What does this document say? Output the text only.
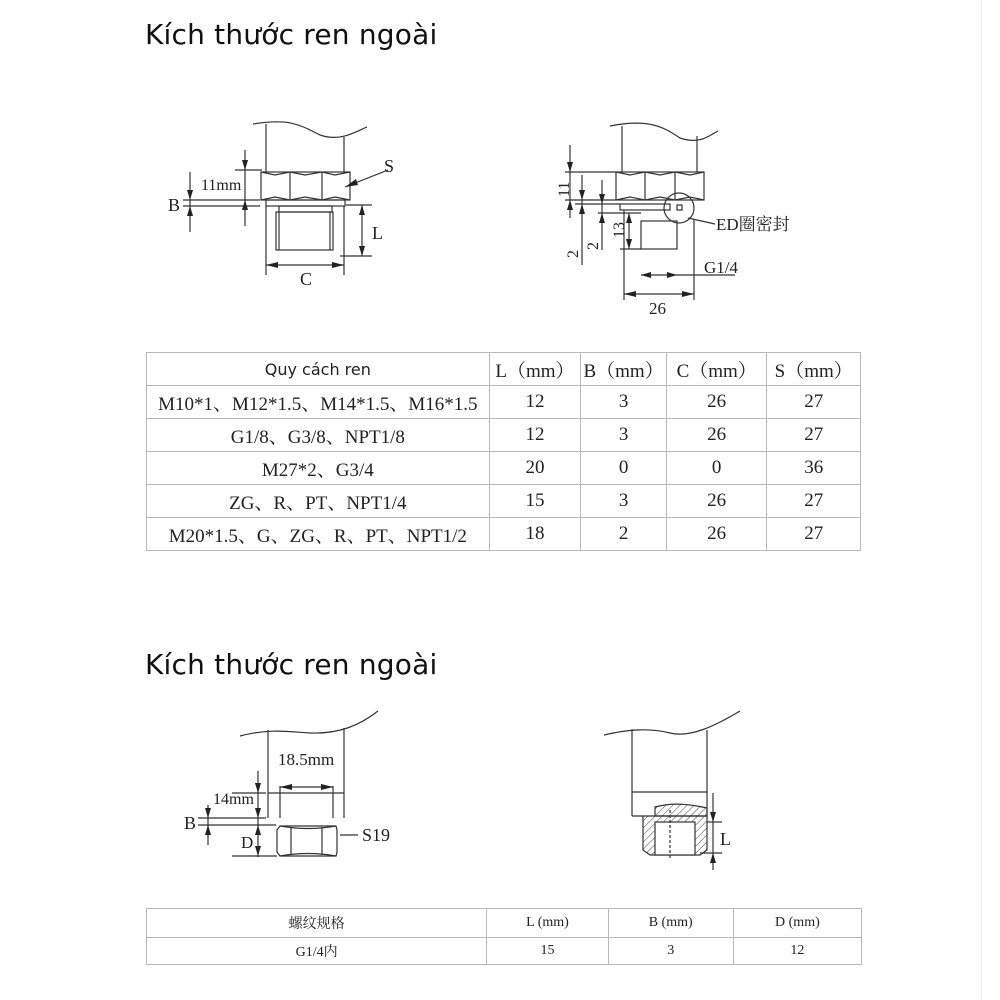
Kích thước ren ngoài
S
11mm
B
L
C
11
2
2
13	ED圈密封
G1/4
26
Quy cách ren	L（mm）	B（mm）	C（mm）	S（mm）
M10*1、M12*1.5、M14*1.5、M16*1.5	12	3	26	27
G1/8、G3/8、NPT1/8	12	3	26	27
M27*2、G3/4	20	0	0	36
ZG、R、PT、NPT1/4	15	3	26	27
M20*1.5、G、ZG、R、PT、NPT1/2	18	2	26	27
Kích thước ren ngoài
18.5mm
14mm
B
D	S19	L
螺纹规格	L (mm)	B (mm)	D (mm)
G1/4内	15	3	12
